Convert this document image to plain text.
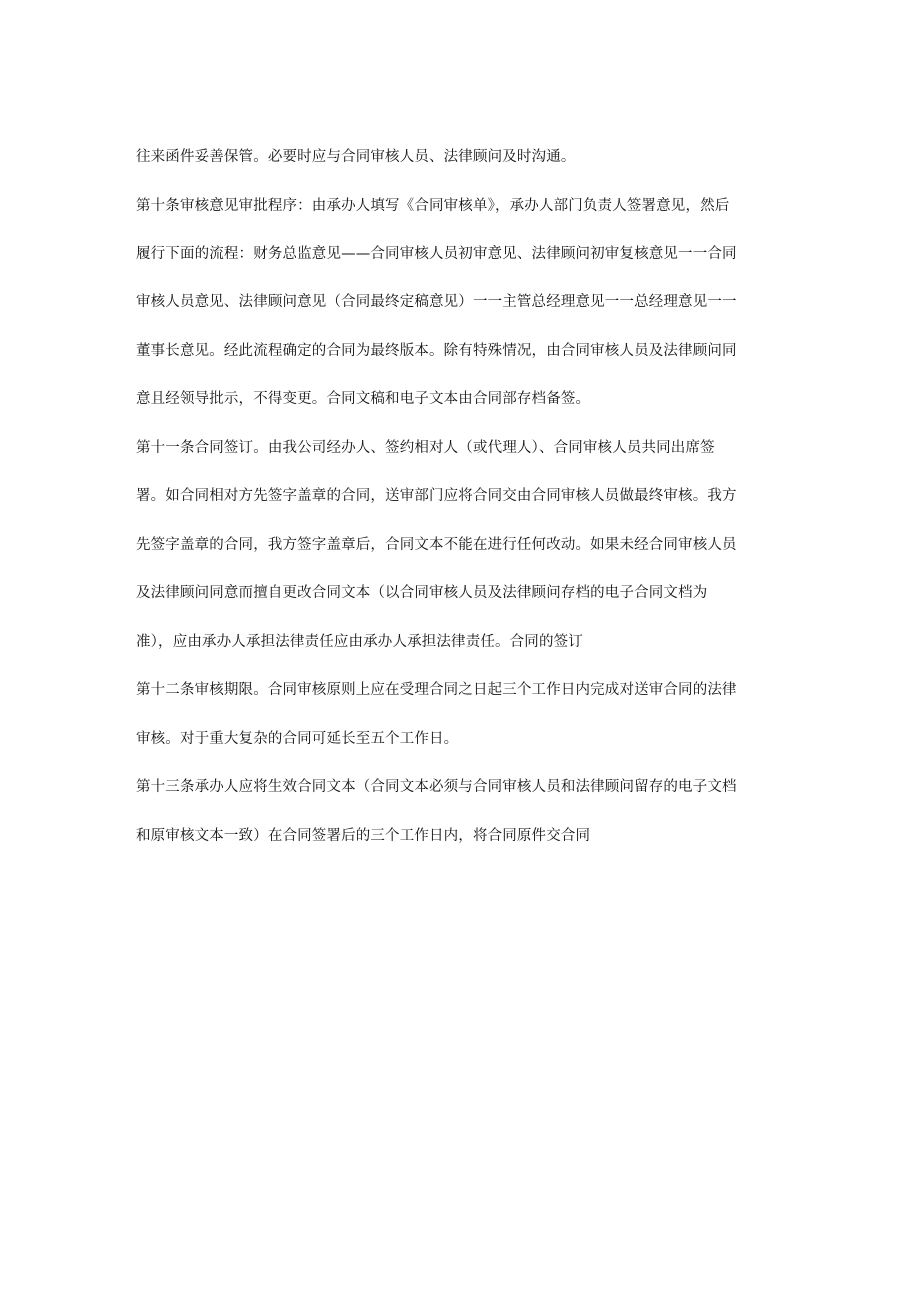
往来函件妥善保管。必要时应与合同审核人员、法律顾问及时沟通。
第十条审核意见审批程序：由承办人填写《合同审核单》，承办人部门负责人签署意见，然后
履行下面的流程：财务总监意见——合同审核人员初审意见、法律顾问初审复核意见一一合同
审核人员意见、法律顾问意见（合同最终定稿意见）一一主管总经理意见一一总经理意见一一
董事长意见。经此流程确定的合同为最终版本。除有特殊情况，由合同审核人员及法律顾问同
意且经领导批示，不得变更。合同文稿和电子文本由合同部存档备签。
第十一条合同签订。由我公司经办人、签约相对人（或代理人）、合同审核人员共同出席签
署。如合同相对方先签字盖章的合同，送审部门应将合同交由合同审核人员做最终审核。我方
先签字盖章的合同，我方签字盖章后，合同文本不能在进行任何改动。如果未经合同审核人员
及法律顾问同意而擅自更改合同文本（以合同审核人员及法律顾问存档的电子合同文档为
准），应由承办人承担法律责任应由承办人承担法律责任。合同的签订
第十二条审核期限。合同审核原则上应在受理合同之日起三个工作日内完成对送审合同的法律
审核。对于重大复杂的合同可延长至五个工作日。
第十三条承办人应将生效合同文本（合同文本必须与合同审核人员和法律顾问留存的电子文档
和原审核文本一致）在合同签署后的三个工作日内，将合同原件交合同
